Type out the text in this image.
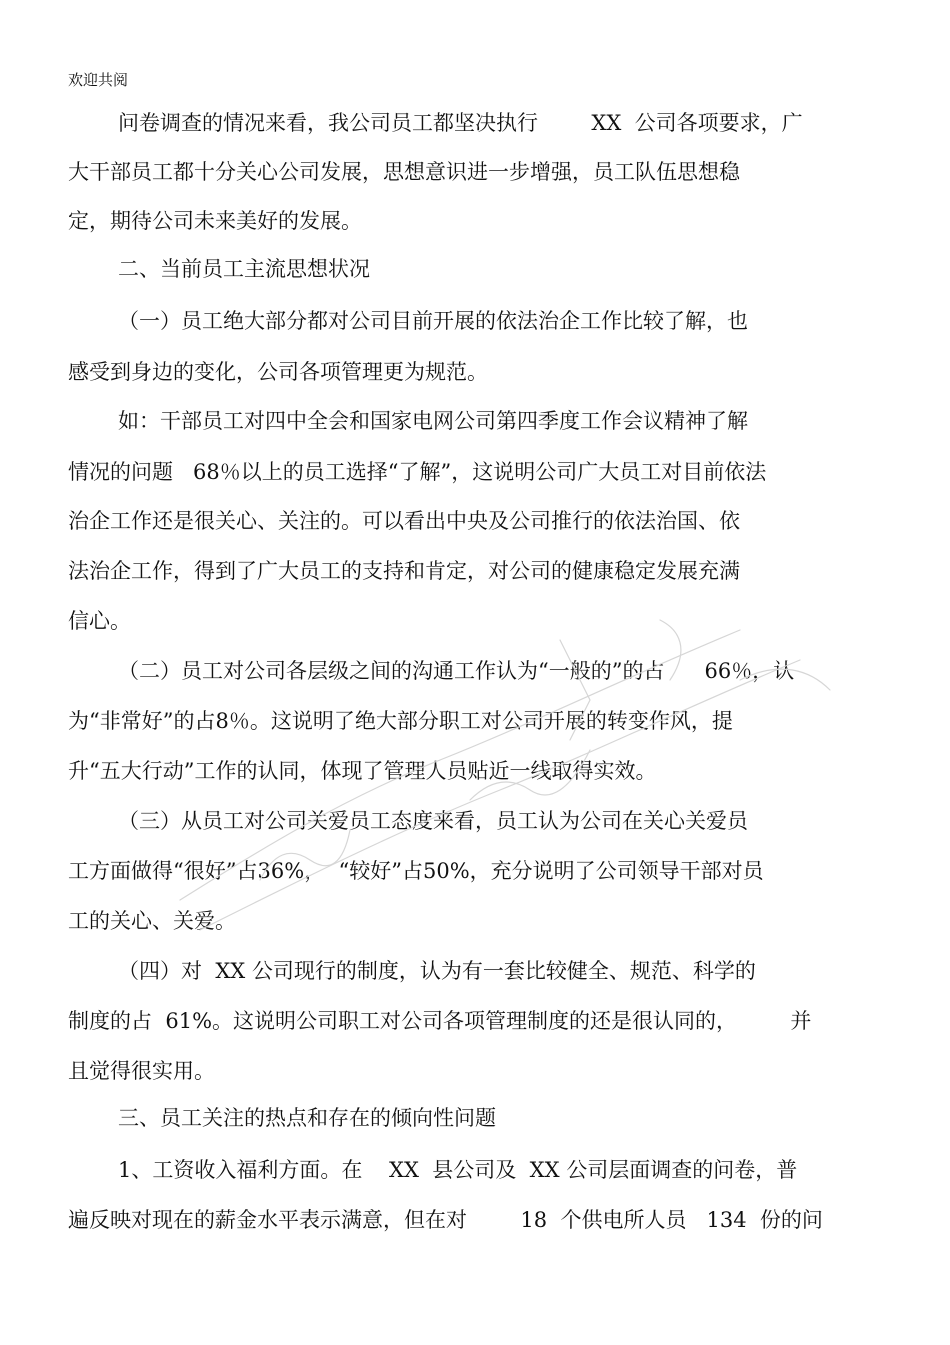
欢迎共阅

问卷调查的情况来看，我公司员工都坚决执行        XX  公司各项要求，广

大干部员工都十分关心公司发展，思想意识进一步增强，员工队伍思想稳

定，期待公司未来美好的发展。

二、当前员工主流思想状况

（一）员工绝大部分都对公司目前开展的依法治企工作比较了解，也

感受到身边的变化，公司各项管理更为规范。

如：干部员工对四中全会和国家电网公司第四季度工作会议精神了解

情况的问题   68％以上的员工选择“了解”，这说明公司广大员工对目前依法

治企工作还是很关心、关注的。可以看出中央及公司推行的依法治国、依

法治企工作，得到了广大员工的支持和肯定，对公司的健康稳定发展充满

信心。

（二）员工对公司各层级之间的沟通工作认为“一般的”的占      66％，认

为“非常好”的占8％。这说明了绝大部分职工对公司开展的转变作风，提

升“五大行动”工作的认同，体现了管理人员贴近一线取得实效。

（三）从员工对公司关爱员工态度来看，员工认为公司在关心关爱员

工方面做得“很好”占36%，  “较好”占50%，充分说明了公司领导干部对员

工的关心、关爱。

（四）对  XX 公司现行的制度，认为有一套比较健全、规范、科学的

制度的占  61%。这说明公司职工对公司各项管理制度的还是很认同的，        并

且觉得很实用。

三、员工关注的热点和存在的倾向性问题

1、工资收入福利方面。在    XX  县公司及  XX 公司层面调查的问卷，普

遍反映对现在的薪金水平表示满意，但在对        18  个供电所人员   134  份的问
